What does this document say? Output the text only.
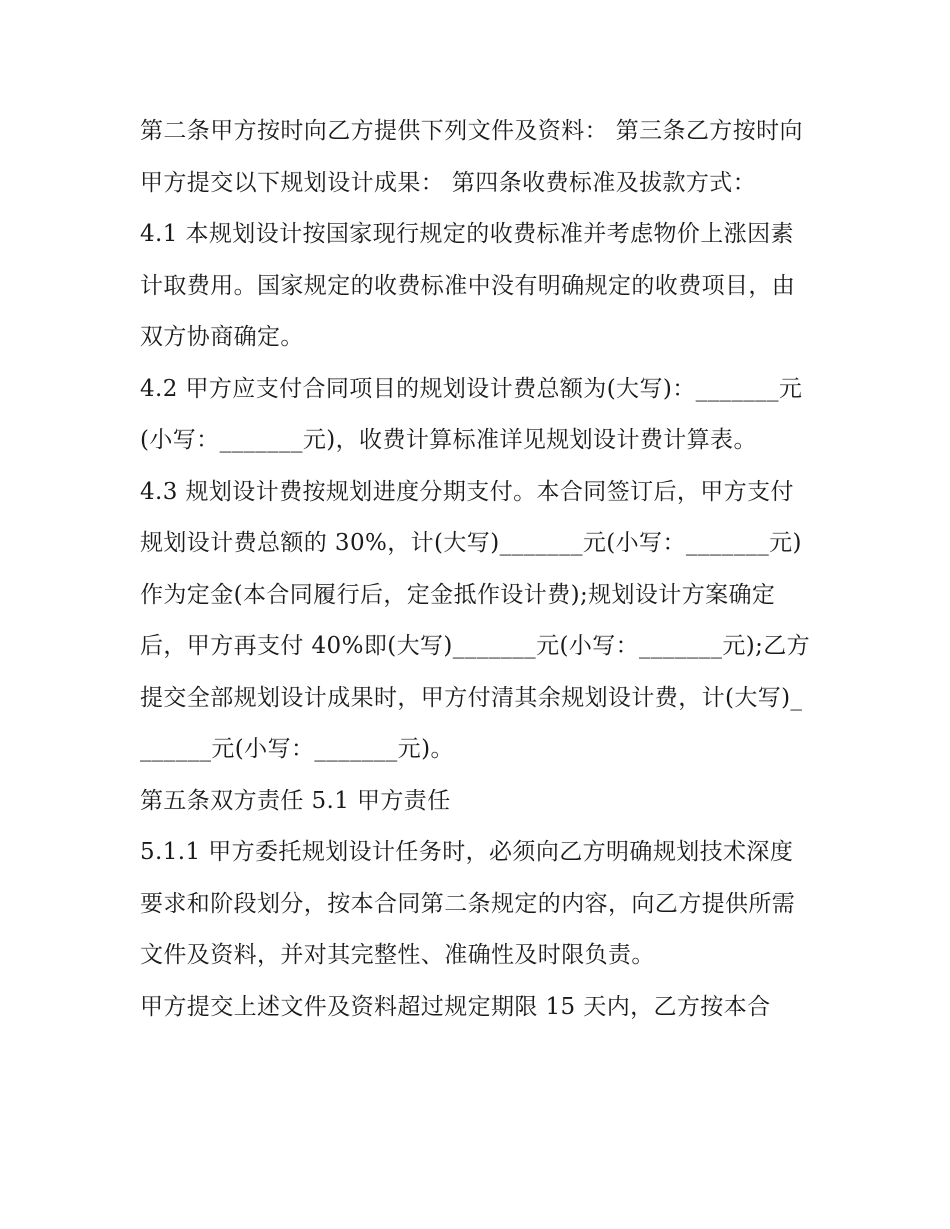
第二条甲方按时向乙方提供下列文件及资料： 第三条乙方按时向甲方提交以下规划设计成果： 第四条收费标准及拔款方式：

4.1 本规划设计按国家现行规定的收费标准并考虑物价上涨因素计取费用。国家规定的收费标准中没有明确规定的收费项目，由双方协商确定。

4.2 甲方应支付合同项目的规划设计费总额为(大写)：_______元(小写：_______元)，收费计算标准详见规划设计费计算表。

4.3 规划设计费按规划进度分期支付。本合同签订后，甲方支付规划设计费总额的 30%，计(大写)_______元(小写：_______元)作为定金(本合同履行后，定金抵作设计费);规划设计方案确定后，甲方再支付 40%即(大写)_______元(小写：_______元);乙方提交全部规划设计成果时，甲方付清其余规划设计费，计(大写)_______元(小写：_______元)。

第五条双方责任 5.1 甲方责任

5.1.1 甲方委托规划设计任务时，必须向乙方明确规划技术深度要求和阶段划分，按本合同第二条规定的内容，向乙方提供所需文件及资料，并对其完整性、准确性及时限负责。

甲方提交上述文件及资料超过规定期限 15 天内，乙方按本合
